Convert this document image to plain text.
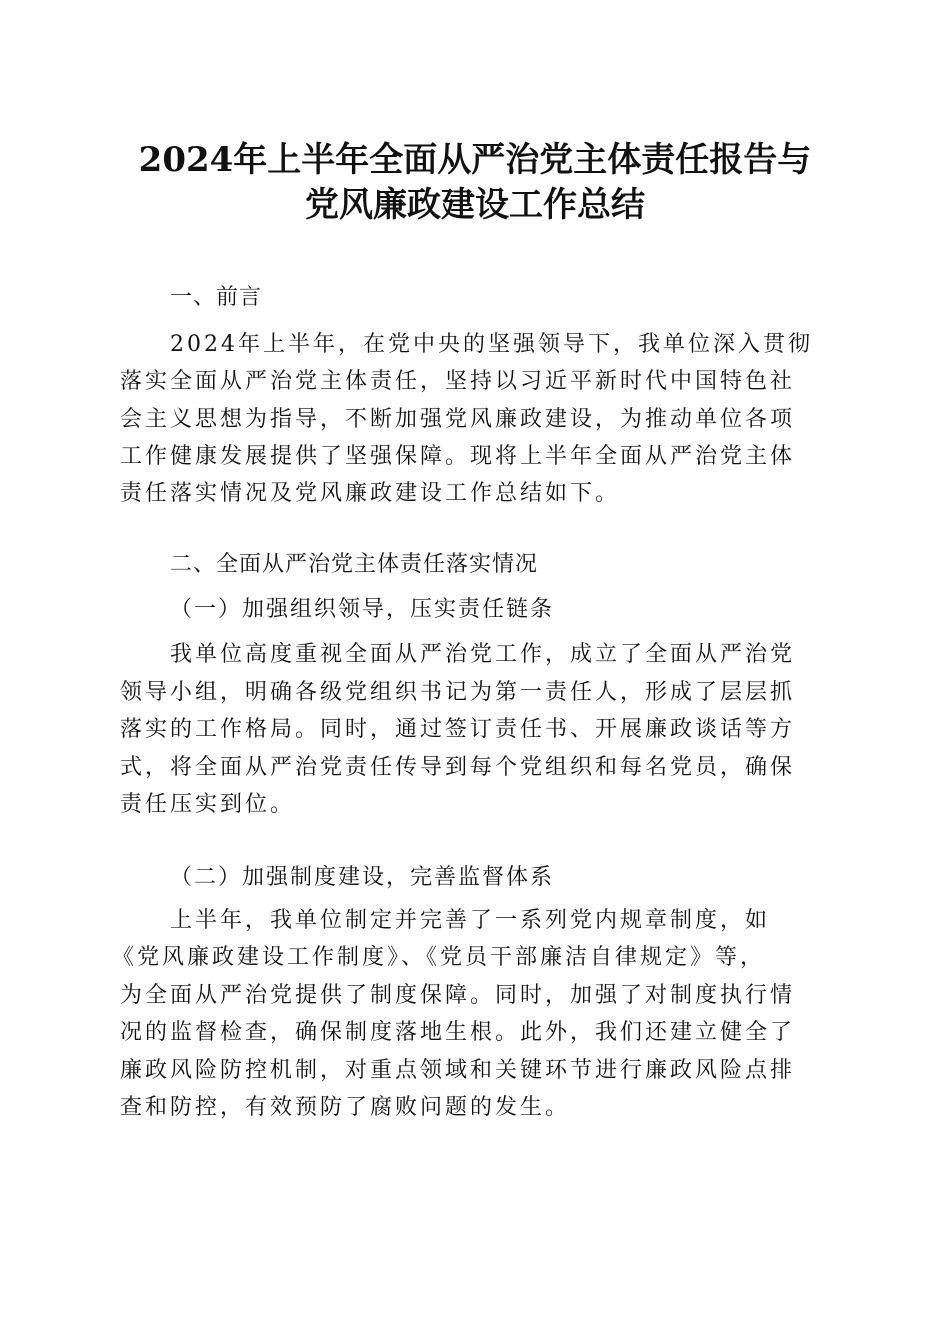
2024年上半年全面从严治党主体责任报告与
党风廉政建设工作总结
一、前言
2024年上半年，在党中央的坚强领导下，我单位深入贯彻
落实全面从严治党主体责任，坚持以习近平新时代中国特色社
会主义思想为指导，不断加强党风廉政建设，为推动单位各项
工作健康发展提供了坚强保障。现将上半年全面从严治党主体
责任落实情况及党风廉政建设工作总结如下。
二、全面从严治党主体责任落实情况
（一）加强组织领导，压实责任链条
我单位高度重视全面从严治党工作，成立了全面从严治党
领导小组，明确各级党组织书记为第一责任人，形成了层层抓
落实的工作格局。同时，通过签订责任书、开展廉政谈话等方
式，将全面从严治党责任传导到每个党组织和每名党员，确保
责任压实到位。
（二）加强制度建设，完善监督体系
上半年，我单位制定并完善了一系列党内规章制度，如
《党风廉政建设工作制度》、《党员干部廉洁自律规定》等，
为全面从严治党提供了制度保障。同时，加强了对制度执行情
况的监督检查，确保制度落地生根。此外，我们还建立健全了
廉政风险防控机制，对重点领域和关键环节进行廉政风险点排
查和防控，有效预防了腐败问题的发生。
